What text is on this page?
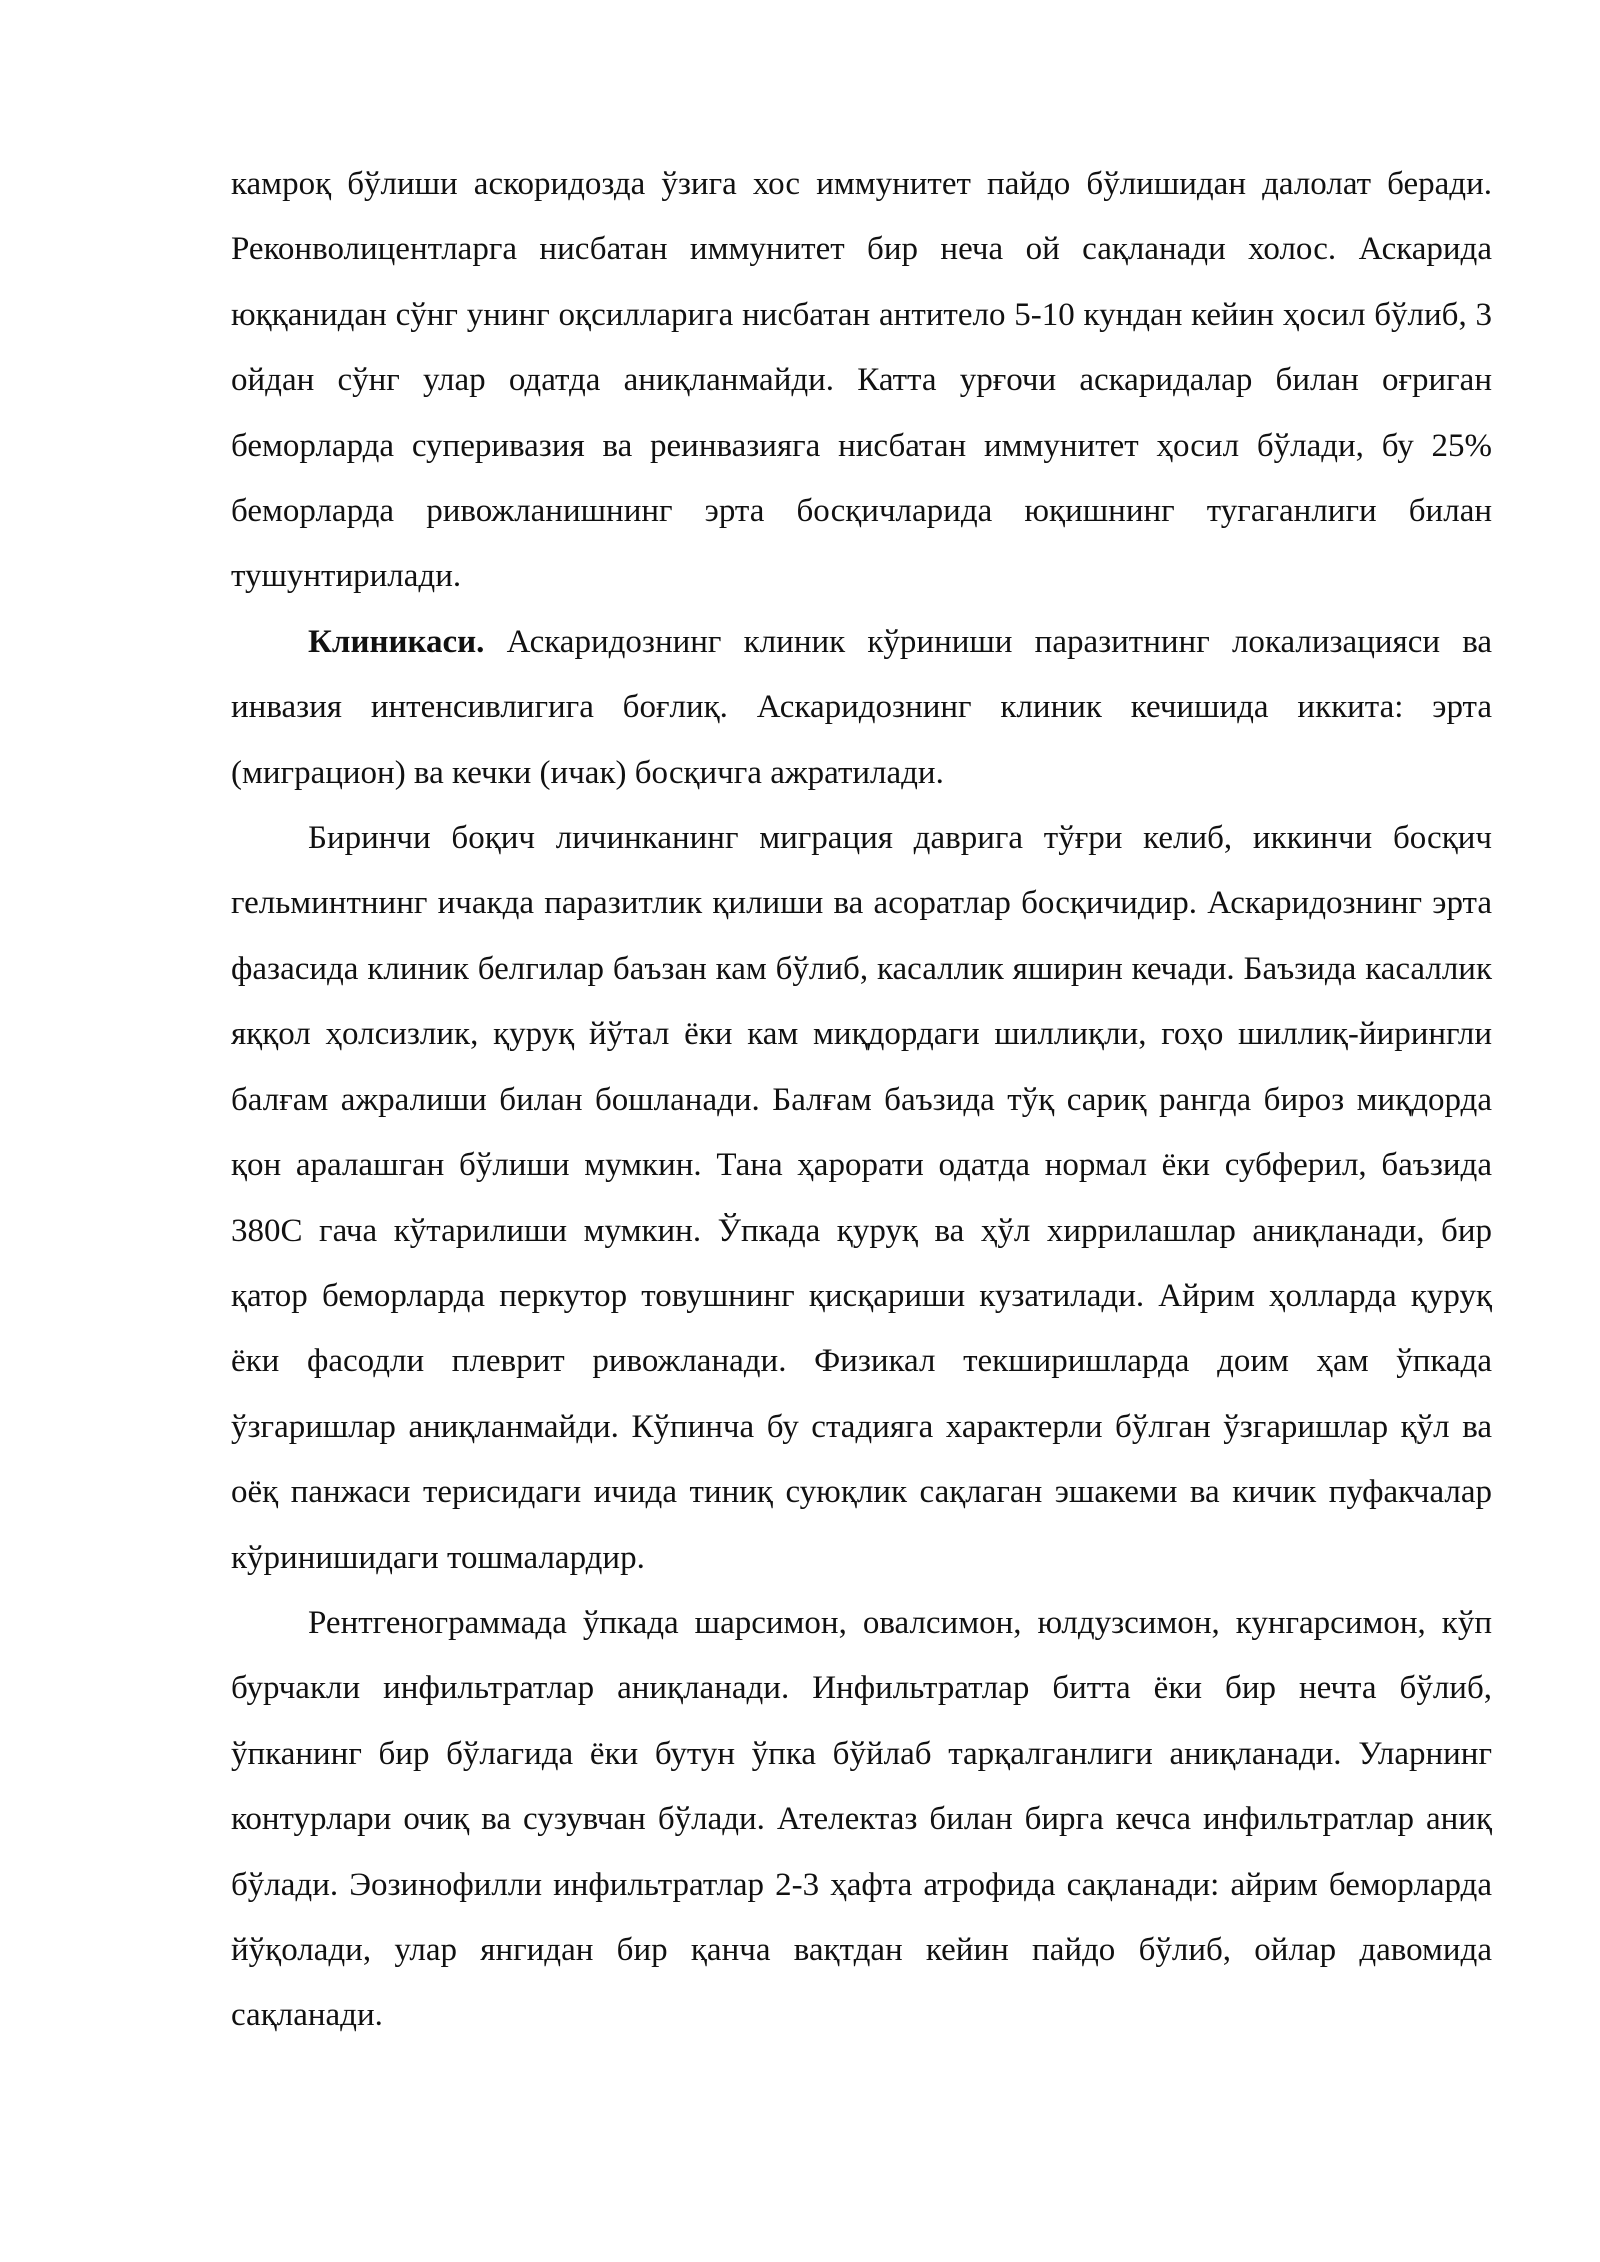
камроқ бўлиши аскоридозда ўзига хос иммунитет пайдо бўлишидан далолат беради. Реконволицентларга нисбатан иммунитет бир неча ой сақланади холос. Аскарида юққанидан сўнг унинг оқсилларига нисбатан антитело 5-10 кундан кейин ҳосил бўлиб, 3 ойдан сўнг улар одатда аниқланмайди. Катта урғочи аскаридалар билан оғриган беморларда суперивазия ва реинвазияга нисбатан иммунитет ҳосил бўлади, бу 25% беморларда ривожланишнинг эрта босқичларида юқишнинг тугаганлиги билан тушунтирилади.

Клиникаси. Аскаридознинг клиник кўриниши паразитнинг локализацияси ва инвазия интенсивлигига боғлиқ. Аскаридознинг клиник кечишида иккита: эрта (миграцион) ва кечки (ичак) босқичга ажратилади.

Биринчи боқич личинканинг миграция даврига тўғри келиб, иккинчи босқич гельминтнинг ичакда паразитлик қилиши ва асоратлар босқичидир. Аскаридознинг эрта фазасида клиник белгилар баъзан кам бўлиб, касаллик яширин кечади. Баъзида касаллик яққол ҳолсизлик, қуруқ йўтал ёки кам миқдордаги шиллиқли, гоҳо шиллиқ-йирингли балғам ажралиши билан бошланади. Балғам баъзида тўқ сариқ рангда бироз миқдорда қон аралашган бўлиши мумкин. Тана ҳарорати одатда нормал ёки субферил, баъзида 380С гача кўтарилиши мумкин. Ўпкада қуруқ ва ҳўл хиррилашлар аниқланади, бир қатор беморларда перкутор товушнинг қисқариши кузатилади. Айрим ҳолларда қуруқ ёки фасодли плеврит ривожланади. Физикал текширишларда доим ҳам ўпкада ўзгаришлар аниқланмайди. Кўпинча бу стадияга характерли бўлган ўзгаришлар қўл ва оёқ панжаси терисидаги ичида тиниқ суюқлик сақлаган эшакеми ва кичик пуфакчалар кўринишидаги тошмалардир.

Рентгенограммада ўпкада шарсимон, овалсимон, юлдузсимон, кунгарсимон, кўп бурчакли инфильтратлар аниқланади. Инфильтратлар битта ёки бир нечта бўлиб, ўпканинг бир бўлагида ёки бутун ўпка бўйлаб тарқалганлиги аниқланади. Уларнинг контурлари очиқ ва сузувчан бўлади. Ателектаз билан бирга кечса инфильтратлар аниқ бўлади. Эозинофилли инфильтратлар 2-3 ҳафта атрофида сақланади: айрим беморларда йўқолади, улар янгидан бир қанча вақтдан кейин пайдо бўлиб, ойлар давомида сақланади.
